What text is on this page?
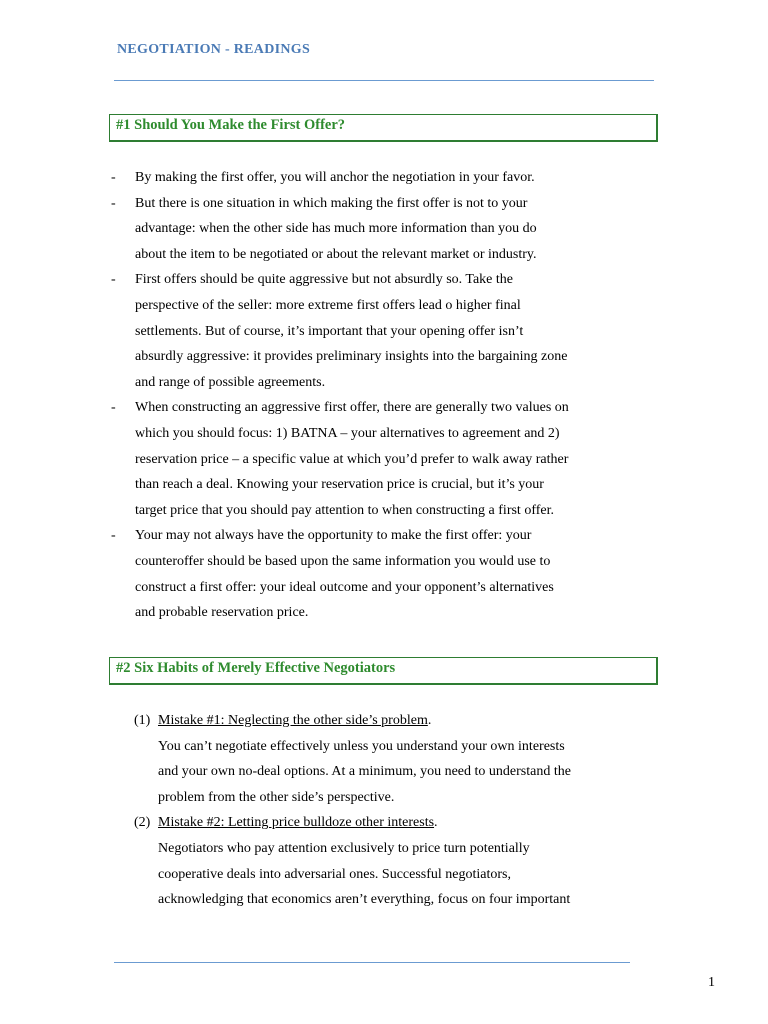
NEGOTIATION - READINGS
#1 Should You Make the First Offer?
- By making the first offer, you will anchor the negotiation in your favor.
- But there is one situation in which making the first offer is not to your
advantage: when the other side has much more information than you do
about the item to be negotiated or about the relevant market or industry.
- First offers should be quite aggressive but not absurdly so. Take the
perspective of the seller: more extreme first offers lead o higher final
settlements. But of course, it’s important that your opening offer isn’t
absurdly aggressive: it provides preliminary insights into the bargaining zone
and range of possible agreements.
- When constructing an aggressive first offer, there are generally two values on
which you should focus: 1) BATNA – your alternatives to agreement and 2)
reservation price – a specific value at which you’d prefer to walk away rather
than reach a deal. Knowing your reservation price is crucial, but it’s your
target price that you should pay attention to when constructing a first offer.
- Your may not always have the opportunity to make the first offer: your
counteroffer should be based upon the same information you would use to
construct a first offer: your ideal outcome and your opponent’s alternatives
and probable reservation price.
#2 Six Habits of Merely Effective Negotiators
(1) Mistake #1: Neglecting the other side’s problem.
You can’t negotiate effectively unless you understand your own interests
and your own no-deal options. At a minimum, you need to understand the
problem from the other side’s perspective.
(2) Mistake #2: Letting price bulldoze other interests.
Negotiators who pay attention exclusively to price turn potentially
cooperative deals into adversarial ones. Successful negotiators,
acknowledging that economics aren’t everything, focus on four important
1
